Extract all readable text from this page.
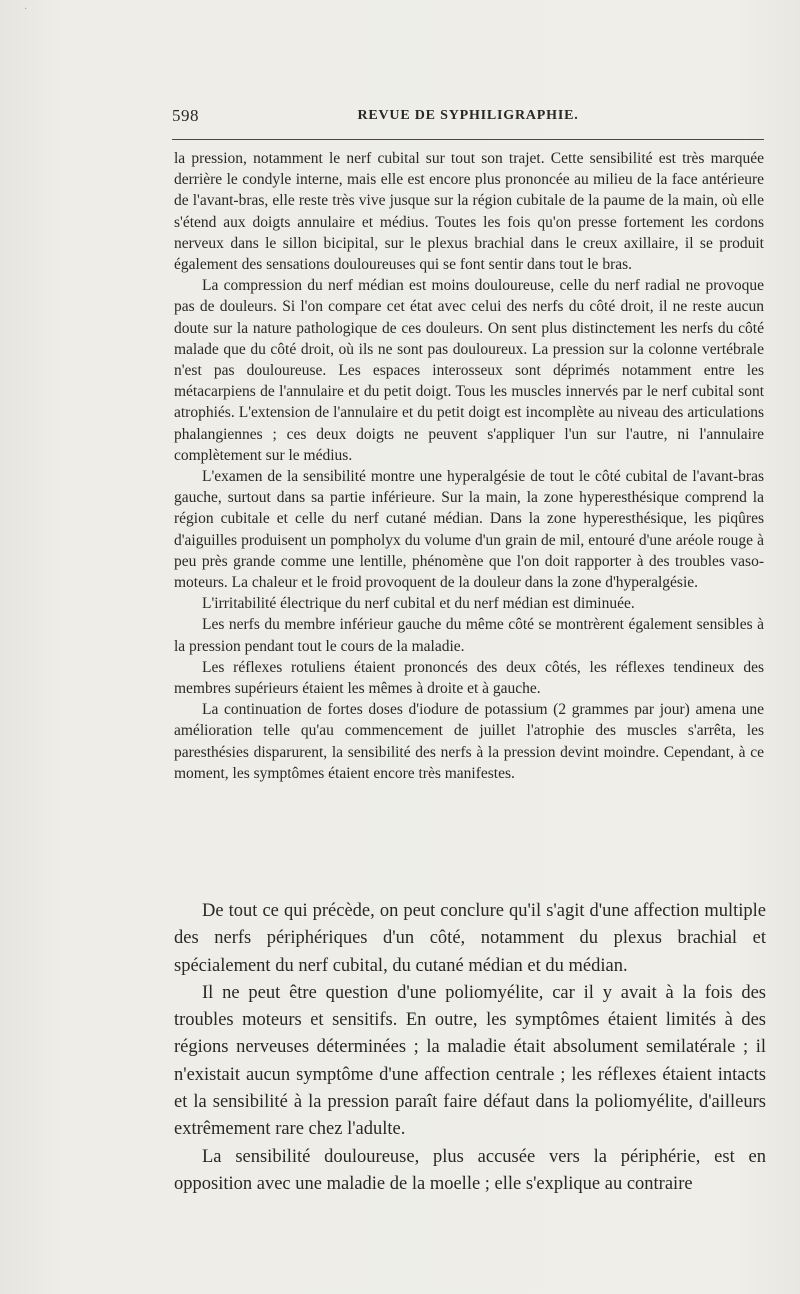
·
598	REVUE DE SYPHILIGRAPHIE.

la pression, notamment le nerf cubital sur tout son trajet. Cette sensibilité est très marquée derrière le condyle interne, mais elle est encore plus prononcée au milieu de la face antérieure de l'avant-bras, elle reste très vive jusque sur la région cubitale de la paume de la main, où elle s'étend aux doigts annulaire et médius. Toutes les fois qu'on presse fortement les cordons nerveux dans le sillon bicipital, sur le plexus brachial dans le creux axillaire, il se produit également des sensations douloureuses qui se font sentir dans tout le bras.

La compression du nerf médian est moins douloureuse, celle du nerf radial ne provoque pas de douleurs. Si l'on compare cet état avec celui des nerfs du côté droit, il ne reste aucun doute sur la nature pathologique de ces douleurs. On sent plus distinctement les nerfs du côté malade que du côté droit, où ils ne sont pas douloureux. La pression sur la colonne vertébrale n'est pas douloureuse. Les espaces interosseux sont déprimés notamment entre les métacarpiens de l'annulaire et du petit doigt. Tous les muscles innervés par le nerf cubital sont atrophiés. L'extension de l'annulaire et du petit doigt est incomplète au niveau des articulations phalangiennes ; ces deux doigts ne peuvent s'appliquer l'un sur l'autre, ni l'annulaire complètement sur le médius.

L'examen de la sensibilité montre une hyperalgésie de tout le côté cubital de l'avant-bras gauche, surtout dans sa partie inférieure. Sur la main, la zone hyperesthésique comprend la région cubitale et celle du nerf cutané médian. Dans la zone hyperesthésique, les piqûres d'aiguilles produisent un pompholyx du volume d'un grain de mil, entouré d'une aréole rouge à peu près grande comme une lentille, phénomène que l'on doit rapporter à des troubles vaso-moteurs. La chaleur et le froid provoquent de la douleur dans la zone d'hyperalgésie.

L'irritabilité électrique du nerf cubital et du nerf médian est diminuée.

Les nerfs du membre inférieur gauche du même côté se montrèrent également sensibles à la pression pendant tout le cours de la maladie.

Les réflexes rotuliens étaient prononcés des deux côtés, les réflexes tendineux des membres supérieurs étaient les mêmes à droite et à gauche.

La continuation de fortes doses d'iodure de potassium (2 grammes par jour) amena une amélioration telle qu'au commencement de juillet l'atrophie des muscles s'arrêta, les paresthésies disparurent, la sensibilité des nerfs à la pression devint moindre. Cependant, à ce moment, les symptômes étaient encore très manifestes.

De tout ce qui précède, on peut conclure qu'il s'agit d'une affection multiple des nerfs périphériques d'un côté, notamment du plexus brachial et spécialement du nerf cubital, du cutané médian et du médian.

Il ne peut être question d'une poliomyélite, car il y avait à la fois des troubles moteurs et sensitifs. En outre, les symptômes étaient limités à des régions nerveuses déterminées ; la maladie était absolument semilatérale ; il n'existait aucun symptôme d'une affection centrale ; les réflexes étaient intacts et la sensibilité à la pression paraît faire défaut dans la poliomyélite, d'ailleurs extrêmement rare chez l'adulte.

La sensibilité douloureuse, plus accusée vers la périphérie, est en opposition avec une maladie de la moelle ; elle s'explique au contraire
